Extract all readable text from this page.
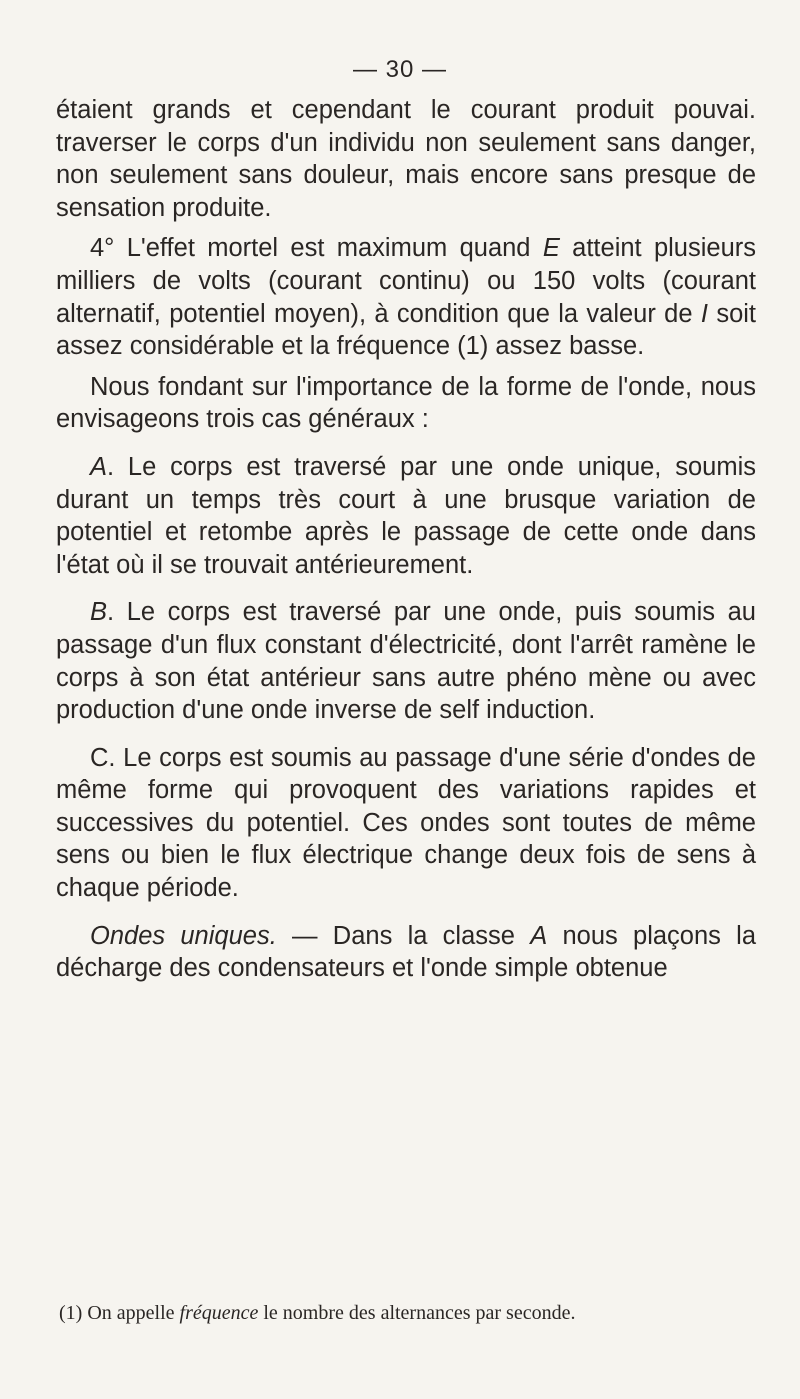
— 30 —

étaient grands et cependant le courant produit pouvai. traverser le corps d'un individu non seulement sans danger, non seulement sans douleur, mais encore sans presque de sensation produite.

4° L'effet mortel est maximum quand E atteint plusieurs milliers de volts (courant continu) ou 150 volts (courant alternatif, potentiel moyen), à condition que la valeur de I soit assez considérable et la fréquence (1) assez basse.

Nous fondant sur l'importance de la forme de l'onde, nous envisageons trois cas généraux :

A. Le corps est traversé par une onde unique, soumis durant un temps très court à une brusque variation de potentiel et retombe après le passage de cette onde dans l'état où il se trouvait antérieurement.

B. Le corps est traversé par une onde, puis soumis au passage d'un flux constant d'électricité, dont l'arrêt ramène le corps à son état antérieur sans autre phéno mène ou avec production d'une onde inverse de self induction.

C. Le corps est soumis au passage d'une série d'ondes de même forme qui provoquent des variations rapides et successives du potentiel. Ces ondes sont toutes de même sens ou bien le flux électrique change deux fois de sens à chaque période.

Ondes uniques. — Dans la classe A nous plaçons la décharge des condensateurs et l'onde simple obtenue

(1) On appelle fréquence le nombre des alternances par seconde.
